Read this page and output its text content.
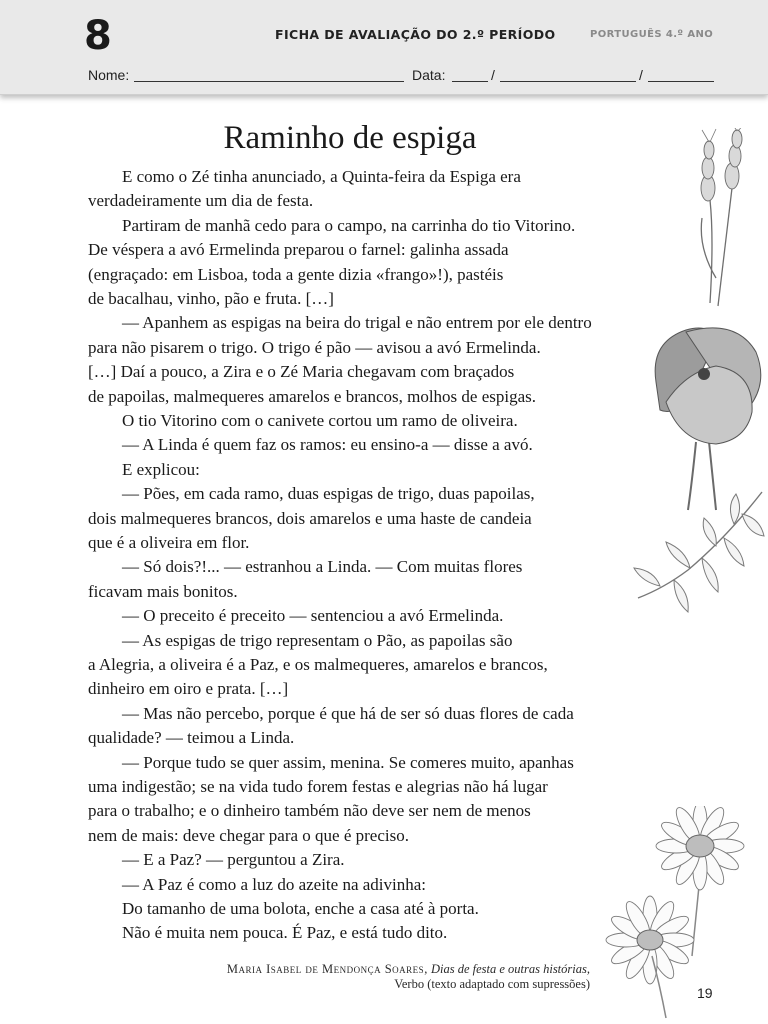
8	FICHA DE AVALIAÇÃO DO 2.º PERÍODO	PORTUGUÊS 4.º ANO
Nome:	Data:	/	/
Raminho de espiga
E como o Zé tinha anunciado, a Quinta-feira da Espiga era
verdadeiramente um dia de festa.
Partiram de manhã cedo para o campo, na carrinha do tio Vitorino.
De véspera a avó Ermelinda preparou o farnel: galinha assada
(engraçado: em Lisboa, toda a gente dizia «frango»!), pastéis
de bacalhau, vinho, pão e fruta. […]
— Apanhem as espigas na beira do trigal e não entrem por ele dentro
para não pisarem o trigo. O trigo é pão — avisou a avó Ermelinda.
[…] Daí a pouco, a Zira e o Zé Maria chegavam com braçados
de papoilas, malmequeres amarelos e brancos, molhos de espigas.
O tio Vitorino com o canivete cortou um ramo de oliveira.
— A Linda é quem faz os ramos: eu ensino-a — disse a avó.
E explicou:
— Pões, em cada ramo, duas espigas de trigo, duas papoilas,
dois malmequeres brancos, dois amarelos e uma haste de candeia
que é a oliveira em flor.
— Só dois?!... — estranhou a Linda. — Com muitas flores
ficavam mais bonitos.
— O preceito é preceito — sentenciou a avó Ermelinda.
— As espigas de trigo representam o Pão, as papoilas são
a Alegria, a oliveira é a Paz, e os malmequeres, amarelos e brancos,
dinheiro em oiro e prata. […]
— Mas não percebo, porque é que há de ser só duas flores de cada
qualidade? — teimou a Linda.
— Porque tudo se quer assim, menina. Se comeres muito, apanhas
uma indigestão; se na vida tudo forem festas e alegrias não há lugar
para o trabalho; e o dinheiro também não deve ser nem de menos
nem de mais: deve chegar para o que é preciso.
— E a Paz? — perguntou a Zira.
— A Paz é como a luz do azeite na adivinha:
Do tamanho de uma bolota, enche a casa até à porta.
Não é muita nem pouca. É Paz, e está tudo dito.
Maria Isabel de Mendonça Soares, Dias de festa e outras histórias,
Verbo (texto adaptado com supressões)
19
